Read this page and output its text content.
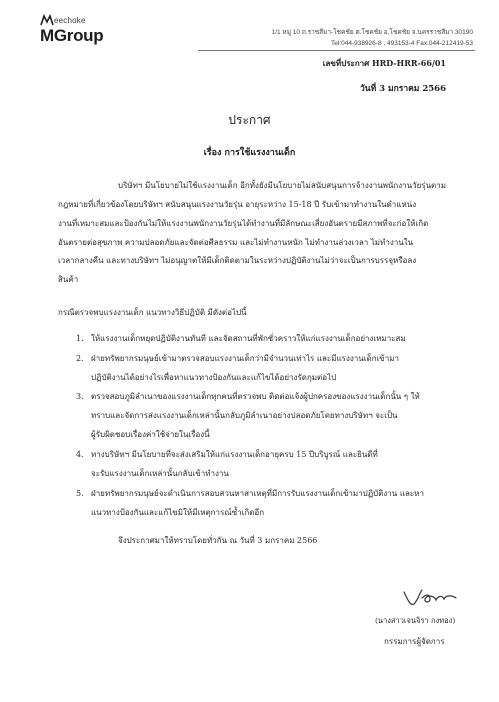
eechoke
MGroup	1/1 หมู่ 10 ถ.ราชสีมา-โชคชัย ต.โชคชัย อ.โชคชัย จ.นครราชสีมา 30190
Tel:044-938926-8 , 493153-4 Fax:044-212419-53
เลขที่ประกาศ HRD-HRR-66/01
วันที่ 3 มกราคม 2566
ประกาศ
เรื่อง การใช้แรงงานเด็ก
บริษัทฯ มีนโยบายไม่ใช้แรงงานเด็ก อีกทั้งยังมีนโยบายไม่สนับสนุนการจ้างงานพนักงานวัยรุ่นตาม
กฎหมายที่เกี่ยวข้องโดยบริษัทฯ สนับสนุนแรงงานวัยรุ่น อายุระหว่าง 15-18 ปี รับเข้ามาทำงานในตำแหน่ง
งานที่เหมาะสมและป้องกันไม่ให้แรงงานพนักงานวัยรุ่นได้ทำงานที่มีลักษณะเสี่ยงอันตรายมีสภาพที่จะก่อให้เกิด
อันตรายต่อสุขภาพ ความปลอดภัยและจัดต่อศีลธรรม และไม่ทำงานหนัก ไม่ทำงานล่วงเวลา ไม่ทำงานใน
เวลากลางคืน และทางบริษัทฯ ไม่อนุญาตให้มีเด็กติดตามในระหว่างปฏิบัติงานไม่ว่าจะเป็นการบรรจุหรือลง
สินค้า
กรณีตรวจพบแรงงานเด็ก แนวทางวิธีปฏิบัติ มีดังต่อไปนี้
1. ให้แรงงานเด็กหยุดปฏิบัติงานทันที และจัดสถานที่พักชั่วคราวให้แก่แรงงานเด็กอย่างเหมาะสม
2. ฝ่ายทรัพยากรมนุษย์เข้ามาตรวจสอบแรงงานเด็กว่ามีจำนวนเท่าไร และมีแรงงานเด็กเข้ามา
ปฏิบัติงานได้อย่างไรเพื่อหาแนวทางป้องกันและแก้ไขได้อย่างรัดกุมต่อไป
3. ตรวจสอบภูมิลำเนาของแรงงานเด็กทุกคนที่ตรวจพบ ติดต่อแจ้งผู้ปกครองของแรงงานเด็กนั้น ๆ ให้
ทราบและจัดการส่งแรงงานเด็กเหล่านั้นกลับภูมิลำเนาอย่างปลอดภัยโดยทางบริษัทฯ จะเป็น
ผู้รับผิดชอบเรื่องค่าใช้จ่ายในเรื่องนี้
4. ทางบริษัทฯ มีนโยบายที่จะส่งเสริมให้แก่แรงงานเด็กอายุครบ 15 ปีบริบูรณ์ และยินดีที่
จะรับแรงงานเด็กเหล่านั้นกลับเข้าทำงาน
5. ฝ่ายทรัพยากรมนุษย์จะดำเนินการสอบสวนหาสาเหตุที่มีการรับแรงงานเด็กเข้ามาปฏิบัติงาน และหา
แนวทางป้องกันและแก้ไขมิให้มีเหตุการณ์ซ้ำเกิดอีก
จึงประกาศมาให้ทราบโดยทั่วกัน ณ วันที่ 3 มกราคม 2566
(นางสาวเจนจิรา กงทอง)
กรรมการผู้จัดการ
